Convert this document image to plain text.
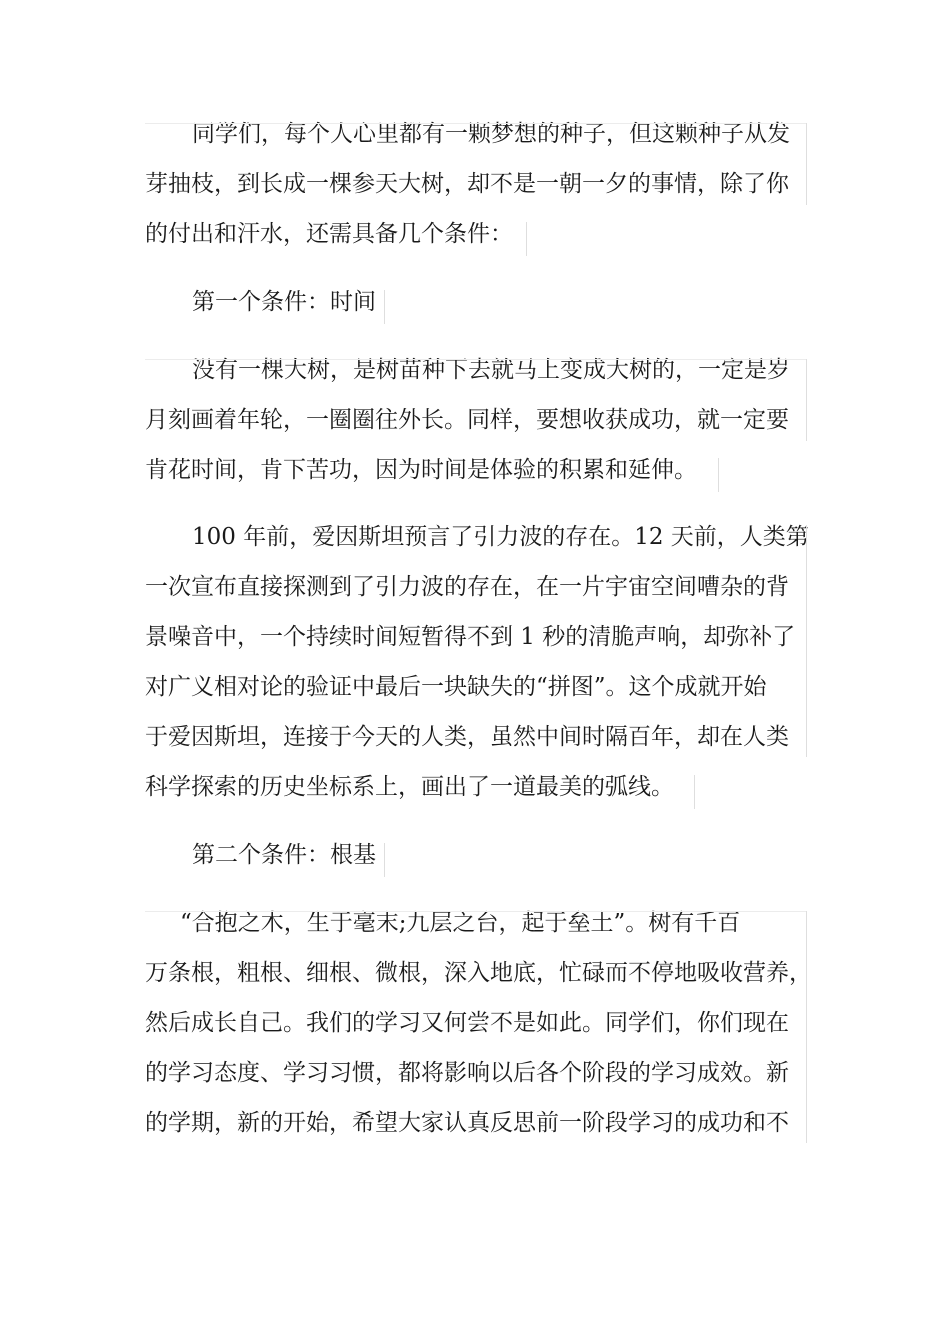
同学们，每个人心里都有一颗梦想的种子，但这颗种子从发
芽抽枝，到长成一棵参天大树，却不是一朝一夕的事情，除了你
的付出和汗水，还需具备几个条件：
第一个条件：时间
没有一棵大树，是树苗种下去就马上变成大树的，一定是岁
月刻画着年轮，一圈圈往外长。同样，要想收获成功，就一定要
肯花时间，肯下苦功，因为时间是体验的积累和延伸。
100 年前，爱因斯坦预言了引力波的存在。12 天前，人类第
一次宣布直接探测到了引力波的存在，在一片宇宙空间嘈杂的背
景噪音中，一个持续时间短暂得不到 1 秒的清脆声响，却弥补了
对广义相对论的验证中最后一块缺失的“拼图”。这个成就开始
于爱因斯坦，连接于今天的人类，虽然中间时隔百年，却在人类
科学探索的历史坐标系上，画出了一道最美的弧线。
第二个条件：根基
“合抱之木，生于毫末;九层之台，起于垒土”。树有千百
万条根，粗根、细根、微根，深入地底，忙碌而不停地吸收营养，
然后成长自己。我们的学习又何尝不是如此。同学们，你们现在
的学习态度、学习习惯，都将影响以后各个阶段的学习成效。新
的学期，新的开始，希望大家认真反思前一阶段学习的成功和不
